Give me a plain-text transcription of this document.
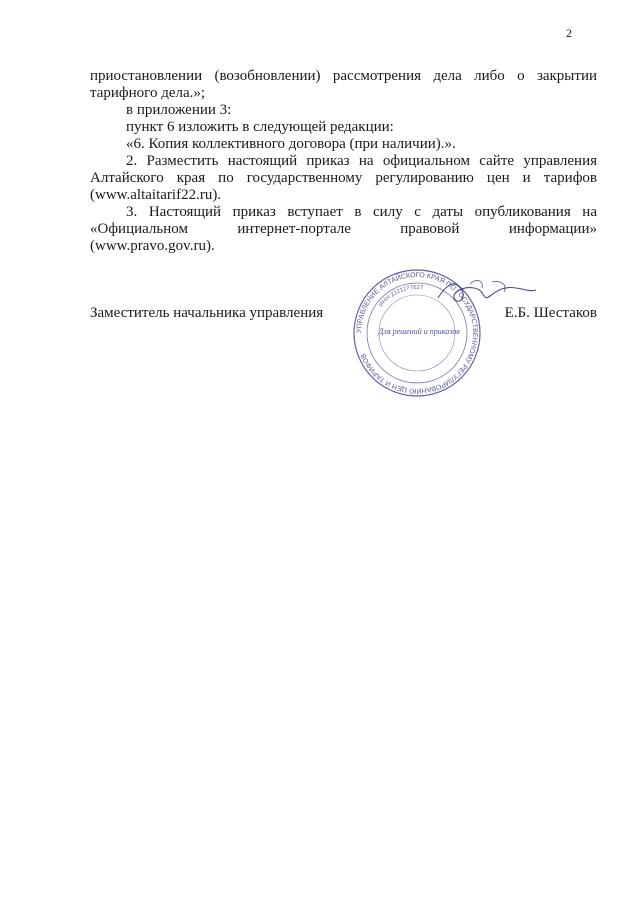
2

приостановлении (возобновлении) рассмотрения дела либо о закрытии

тарифного дела.»;

в приложении 3:

пункт 6 изложить в следующей редакции:

«6. Копия коллективного договора (при наличии).».

2. Разместить настоящий приказ на официальном сайте управления Алтайского края по государственному регулированию цен и тарифов (www.altaitarif22.ru).

3. Настоящий приказ вступает в силу с даты опубликования на

«Официальном интернет-портале правовой информации»

(www.pravo.gov.ru).

Заместитель начальника управления	Е.Б. Шестаков
УПРАВЛЕНИЕ АЛТАЙСКОГО КРАЯ ПО ГОСУДАРСТВЕННОМУ РЕГУЛИРОВАНИЮ ЦЕН И ТАРИФОВ
ИНН 2221177627
Для решений и приказов
